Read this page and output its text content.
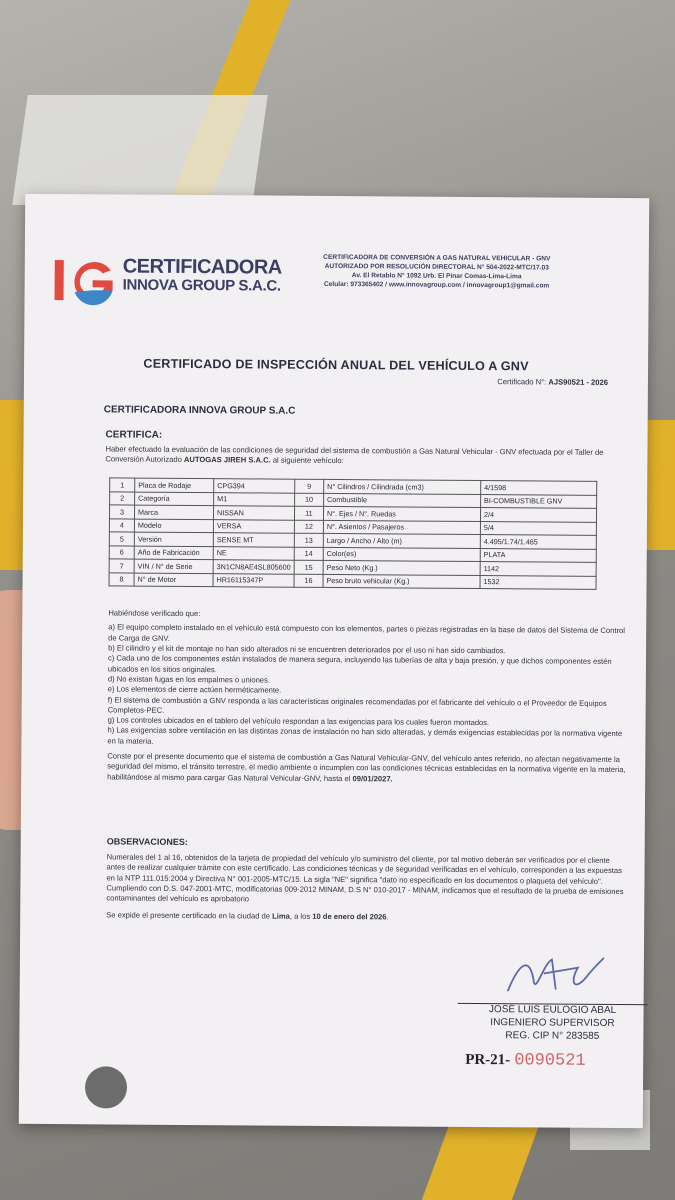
CERTIFICADORA
INNOVA GROUP S.A.C.
CERTIFICADORA DE CONVERSIÓN A GAS NATURAL VEHICULAR - GNV
AUTORIZADO POR RESOLUCIÓN DIRECTORAL N° 504-2022-MTC/17.03
Av. El Retablo N° 1092 Urb. El Pinar Comas-Lima-Lima
Celular: 973365402 / www.innovagroup.com / innovagroup1@gmail.com
CERTIFICADO DE INSPECCIÓN ANUAL DEL VEHÍCULO A GNV
Certificado N°: AJS90521 - 2026
CERTIFICADORA INNOVA GROUP S.A.C
CERTIFICA:
Haber efectuado la evaluación de las condiciones de seguridad del sistema de combustión a Gas Natural Vehicular - GNV efectuada por el Taller de Conversión Autorizado AUTOGAS JIREH S.A.C. al siguiente vehículo:
1	Placa de Rodaje	CPG394	9	N° Cilindros / Cilindrada (cm3)	4/1598
2	Categoría	M1	10	Combustible	BI-COMBUSTIBLE GNV
3	Marca	NISSAN	11	N°. Ejes / N°. Ruedas	2/4
4	Modelo	VERSA	12	N°. Asientos / Pasajeros	5/4
5	Versión	SENSE MT	13	Largo / Ancho / Alto (m)	4.495/1.74/1.465
6	Año de Fabricación	NE	14	Color(es)	PLATA
7	VIN / N° de Serie	3N1CN8AE4SL805600	15	Peso Neto (Kg.)	1142
8	N° de Motor	HR16115347P	16	Peso bruto vehicular (Kg.)	1532

Habiéndose verificado que:

a) El equipo completo instalado en el vehículo está compuesto con los elementos, partes o piezas registradas en la base de datos del Sistema de Control de Carga de GNV.

b) El cilindro y el kit de montaje no han sido alterados ni se encuentren deteriorados por el uso ni han sido cambiados.

c) Cada uno de los componentes están instalados de manera segura, incluyendo las tuberías de alta y baja presión, y que dichos componentes estén ubicados en los sitios originales.

d) No existan fugas en los empalmes o uniones.

e) Los elementos de cierre actúen herméticamente.

f) El sistema de combustión a GNV responda a las características originales recomendadas por el fabricante del vehículo o el Proveedor de Equipos Completos-PEC.

g) Los controles ubicados en el tablero del vehículo respondan a las exigencias para los cuales fueron montados.

h) Las exigencias sobre ventilación en las distintas zonas de instalación no han sido alteradas, y demás exigencias establecidas por la normativa vigente en la materia.

Conste por el presente documento que el sistema de combustión a Gas Natural Vehicular-GNV, del vehículo antes referido, no afectan negativamente la seguridad del mismo, el tránsito terrestre, el medio ambiente o incumplen con las condiciones técnicas establecidas en la normativa vigente en la materia, habilitándose al mismo para cargar Gas Natural Vehicular-GNV, hasta el 09/01/2027.

OBSERVACIONES:

Numerales del 1 al 16, obtenidos de la tarjeta de propiedad del vehículo y/o suministro del cliente, por tal motivo deberán ser verificados por el cliente antes de realizar cualquier trámite con este certificado. Las condiciones técnicas y de seguridad verificadas en el vehículo, corresponden a las expuestas en la NTP 111.015:2004 y Directiva N° 001-2005-MTC/15. La sigla "NE" significa "dato no especificado en los documentos o plaqueta del vehículo". Cumpliendo con D.S. 047-2001-MTC, modificatorias 009-2012 MINAM, D.S N° 010-2017 - MINAM, indicamos que el resultado de la prueba de emisiones contaminantes del vehículo es aprobatorio

Se expide el presente certificado en la ciudad de Lima, a los 10 de enero del 2026.

JOSÉ LUIS EULOGIO ABAL
INGENIERO SUPERVISOR
REG. CIP N° 283585
PR-21- 0090521
